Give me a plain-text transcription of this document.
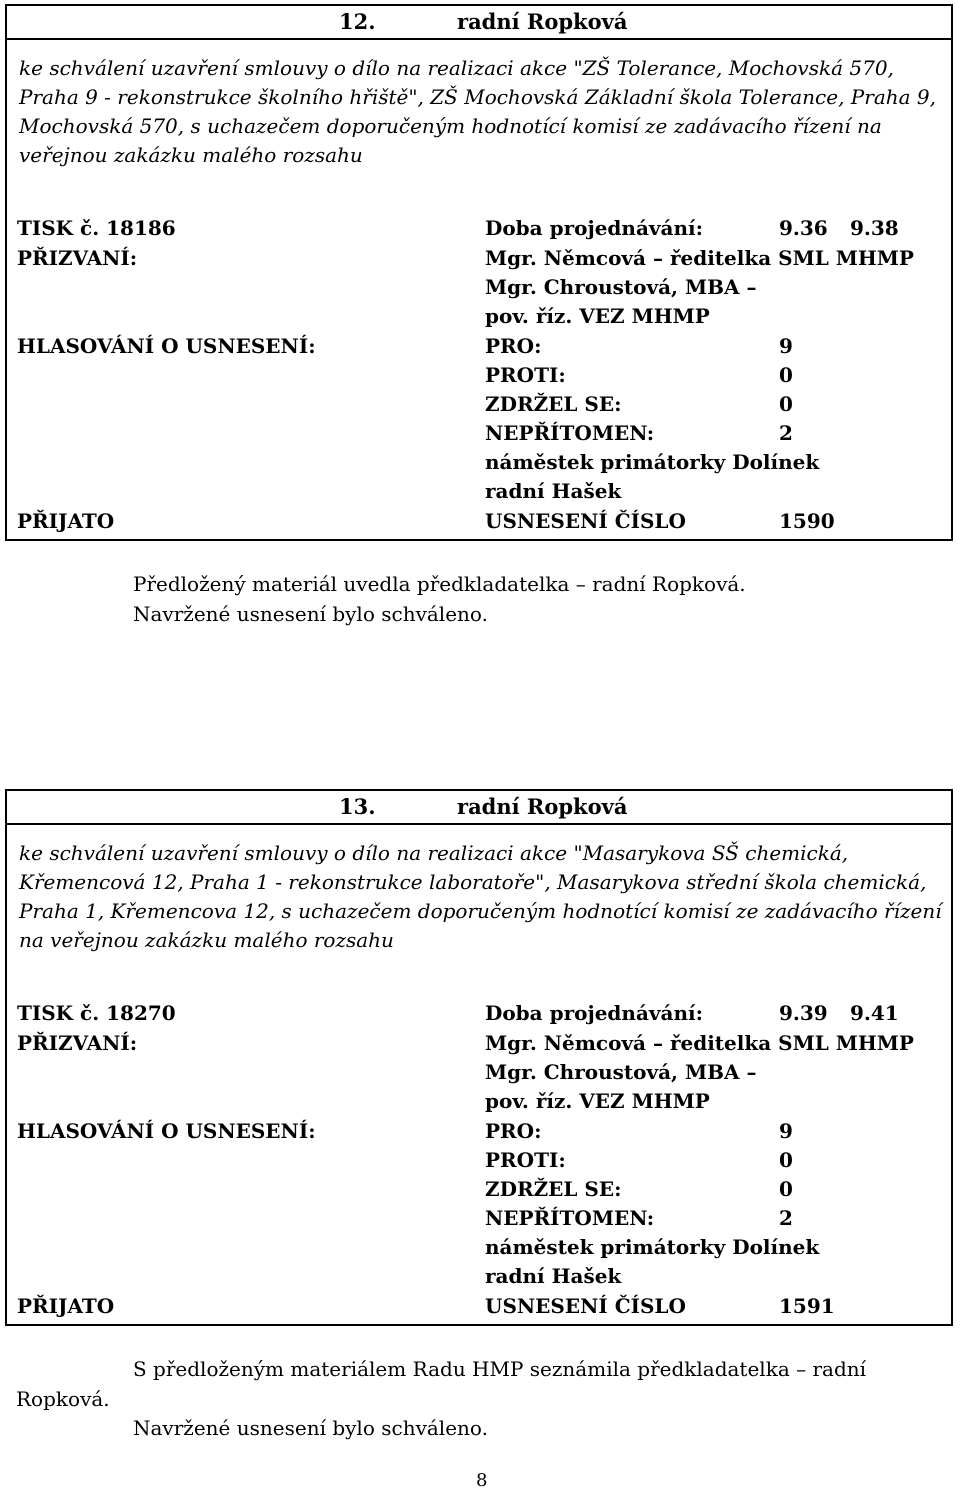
12.	radní Ropková
ke schválení uzavření smlouvy o dílo na realizaci akce "ZŠ Tolerance, Mochovská 570, Praha 9 - rekonstrukce školního hřiště", ZŠ Mochovská Základní škola Tolerance, Praha 9, Mochovská 570, s uchazečem doporučeným hodnotící komisí ze zadávacího řízení na veřejnou zakázku malého rozsahu
TISK č. 18186	Doba projednávání:	9.36 9.38
PŘIZVANÍ:	Mgr. Němcová – ředitelka SML MHMP
Mgr. Chroustová, MBA –
pov. říz. VEZ MHMP
HLASOVÁNÍ O USNESENÍ:	PRO:	9
PROTI:	0
ZDRŽEL SE:	0
NEPŘÍTOMEN:	2
náměstek primátorky Dolínek
radní Hašek
PŘIJATO	USNESENÍ ČÍSLO	1590
Předložený materiál uvedla předkladatelka – radní Ropková.
Navržené usnesení bylo schváleno.
13.	radní Ropková
ke schválení uzavření smlouvy o dílo na realizaci akce "Masarykova SŠ chemická, Křemencová 12, Praha 1 - rekonstrukce laboratoře", Masarykova střední škola chemická, Praha 1, Křemencova 12, s uchazečem doporučeným hodnotící komisí ze zadávacího řízení na veřejnou zakázku malého rozsahu
TISK č. 18270	Doba projednávání:	9.39 9.41
PŘIZVANÍ:	Mgr. Němcová – ředitelka SML MHMP
Mgr. Chroustová, MBA –
pov. říz. VEZ MHMP
HLASOVÁNÍ O USNESENÍ:	PRO:	9
PROTI:	0
ZDRŽEL SE:	0
NEPŘÍTOMEN:	2
náměstek primátorky Dolínek
radní Hašek
PŘIJATO	USNESENÍ ČÍSLO	1591
S předloženým materiálem Radu HMP seznámila předkladatelka – radní
Ropková.
Navržené usnesení bylo schváleno.
8
